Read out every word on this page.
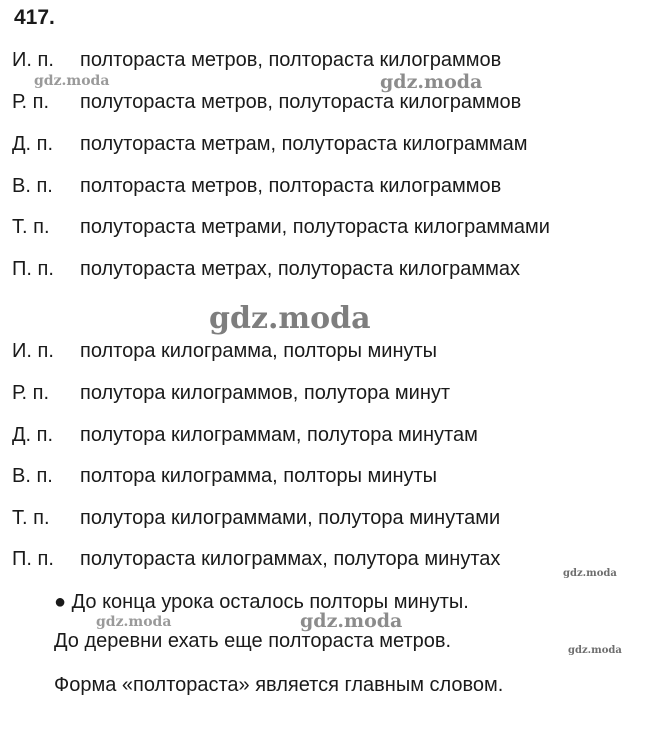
417.
И. п. полтораста метров, полтораста килограммов
Р. п. полутораста метров, полутораста килограммов
Д. п. полутораста метрам, полутораста килограммам
В. п. полтораста метров, полтораста килограммов
Т. п. полутораста метрами, полутораста килограммами
П. п. полутораста метрах, полутораста килограммах
И. п. полтора килограмма, полторы минуты
Р. п. полутора килограммов, полутора минут
Д. п. полутора килограммам, полутора минутам
В. п. полтора килограмма, полторы минуты
Т. п. полутора килограммами, полутора минутами
П. п. полутораста килограммах, полутора минутах
● До конца урока осталось полторы минуты.
До деревни ехать еще полтораста метров.
Форма «полтораста» является главным словом.
gdz.moda	gdz.moda
gdz.moda
gdz.moda
gdz.moda	gdz.moda
gdz.moda
